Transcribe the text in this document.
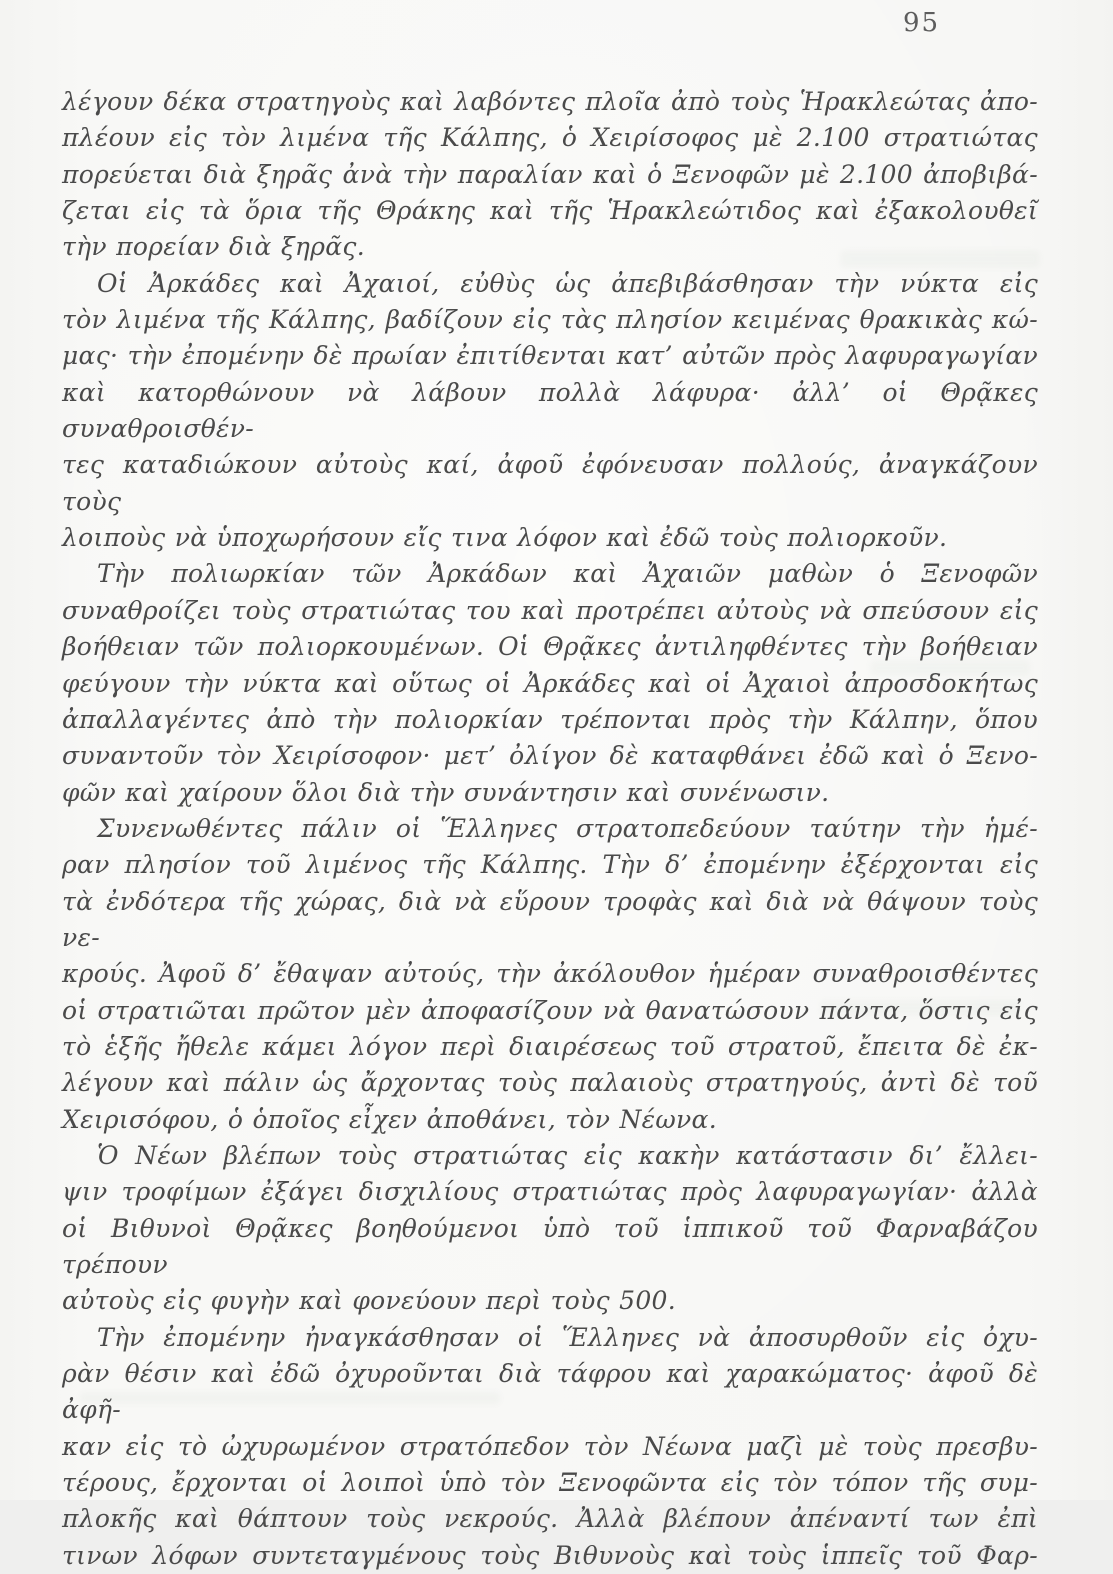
95

λέγουν δέκα στρατηγοὺς καὶ λαβόντες πλοῖα ἀπὸ τοὺς Ἡρακλεώτας ἀπο-
πλέουν εἰς τὸν λιμένα τῆς Κάλπης, ὁ Χειρίσοφος μὲ 2.100 στρατιώτας
πορεύεται διὰ ξηρᾶς ἀνὰ τὴν παραλίαν καὶ ὁ Ξενοφῶν μὲ 2.100 ἀποβιβά-
ζεται εἰς τὰ ὅρια τῆς Θράκης καὶ τῆς Ἡρακλεώτιδος καὶ ἐξακολουθεῖ
τὴν πορείαν διὰ ξηρᾶς.

Οἱ Ἀρκάδες καὶ Ἀχαιοί, εὐθὺς ὡς ἀπεβιβάσθησαν τὴν νύκτα εἰς
τὸν λιμένα τῆς Κάλπης, βαδίζουν εἰς τὰς πλησίον κειμένας θρακικὰς κώ-
μας· τὴν ἐπομένην δὲ πρωίαν ἐπιτίθενται κατ’ αὐτῶν πρὸς λαφυραγωγίαν
καὶ κατορθώνουν νὰ λάβουν πολλὰ λάφυρα· ἀλλ’ οἱ Θρᾷκες συναθροισθέν-
τες καταδιώκουν αὐτοὺς καί, ἀφοῦ ἐφόνευσαν πολλούς, ἀναγκάζουν τοὺς
λοιποὺς νὰ ὑποχωρήσουν εἴς τινα λόφον καὶ ἐδῶ τοὺς πολιορκοῦν.

Τὴν πολιωρκίαν τῶν Ἀρκάδων καὶ Ἀχαιῶν μαθὼν ὁ Ξενοφῶν
συναθροίζει τοὺς στρατιώτας του καὶ προτρέπει αὐτοὺς νὰ σπεύσουν εἰς
βοήθειαν τῶν πολιορκουμένων. Οἱ Θρᾷκες ἀντιληφθέντες τὴν βοήθειαν
φεύγουν τὴν νύκτα καὶ οὕτως οἱ Ἀρκάδες καὶ οἱ Ἀχαιοὶ ἀπροσδοκήτως
ἀπαλλαγέντες ἀπὸ τὴν πολιορκίαν τρέπονται πρὸς τὴν Κάλπην, ὅπου
συναντοῦν τὸν Χειρίσοφον· μετ’ ὀλίγον δὲ καταφθάνει ἐδῶ καὶ ὁ Ξενο-
φῶν καὶ χαίρουν ὅλοι διὰ τὴν συνάντησιν καὶ συνένωσιν.

Συνενωθέντες πάλιν οἱ Ἕλληνες στρατοπεδεύουν ταύτην τὴν ἡμέ-
ραν πλησίον τοῦ λιμένος τῆς Κάλπης. Τὴν δ’ ἐπομένην ἐξέρχονται εἰς
τὰ ἐνδότερα τῆς χώρας, διὰ νὰ εὕρουν τροφὰς καὶ διὰ νὰ θάψουν τοὺς νε-
κρούς. Ἀφοῦ δ’ ἔθαψαν αὐτούς, τὴν ἀκόλουθον ἡμέραν συναθροισθέντες
οἱ στρατιῶται πρῶτον μὲν ἀποφασίζουν νὰ θανατώσουν πάντα, ὅστις εἰς
τὸ ἑξῆς ἤθελε κάμει λόγον περὶ διαιρέσεως τοῦ στρατοῦ, ἔπειτα δὲ ἐκ-
λέγουν καὶ πάλιν ὡς ἄρχοντας τοὺς παλαιοὺς στρατηγούς, ἀντὶ δὲ τοῦ
Χειρισόφου, ὁ ὁποῖος εἶχεν ἀποθάνει, τὸν Νέωνα.

Ὁ Νέων βλέπων τοὺς στρατιώτας εἰς κακὴν κατάστασιν δι’ ἔλλει-
ψιν τροφίμων ἐξάγει δισχιλίους στρατιώτας πρὸς λαφυραγωγίαν· ἀλλὰ
οἱ Βιθυνοὶ Θρᾷκες βοηθούμενοι ὑπὸ τοῦ ἱππικοῦ τοῦ Φαρναβάζου τρέπουν
αὐτοὺς εἰς φυγὴν καὶ φονεύουν περὶ τοὺς 500.

Τὴν ἐπομένην ἠναγκάσθησαν οἱ Ἕλληνες νὰ ἀποσυρθοῦν εἰς ὀχυ-
ρὰν θέσιν καὶ ἐδῶ ὀχυροῦνται διὰ τάφρου καὶ χαρακώματος· ἀφοῦ δὲ ἀφῆ-
καν εἰς τὸ ὠχυρωμένον στρατόπεδον τὸν Νέωνα μαζὶ μὲ τοὺς πρεσβυ-
τέρους, ἔρχονται οἱ λοιποὶ ὑπὸ τὸν Ξενοφῶντα εἰς τὸν τόπον τῆς συμ-
πλοκῆς καὶ θάπτουν τοὺς νεκρούς. Ἀλλὰ βλέπουν ἀπέναντί των ἐπὶ
τινων λόφων συντεταγμένους τοὺς Βιθυνοὺς καὶ τοὺς ἱππεῖς τοῦ Φαρ-
